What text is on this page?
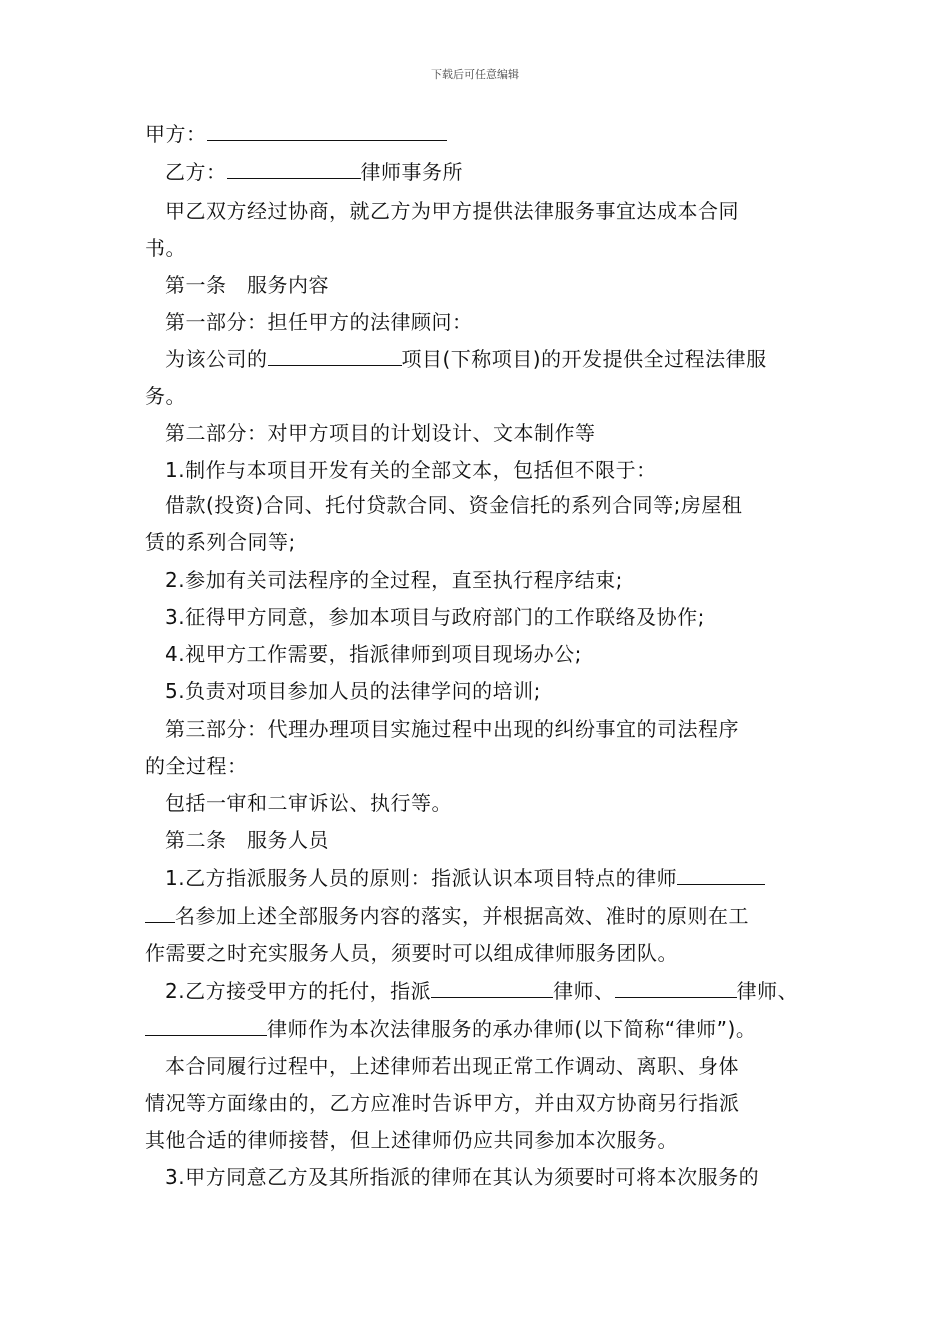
下载后可任意编辑
甲方：
乙方：	律师事务所
甲乙双方经过协商，就乙方为甲方提供法律服务事宜达成本合同
书。
第一条　服务内容
第一部分：担任甲方的法律顾问：
为该公司的	项目(下称项目)的开发提供全过程法律服
务。
第二部分：对甲方项目的计划设计、文本制作等
1.制作与本项目开发有关的全部文本，包括但不限于：
借款(投资)合同、托付贷款合同、资金信托的系列合同等;房屋租
赁的系列合同等;
2.参加有关司法程序的全过程，直至执行程序结束;
3.征得甲方同意，参加本项目与政府部门的工作联络及协作;
4.视甲方工作需要，指派律师到项目现场办公;
5.负责对项目参加人员的法律学问的培训;
第三部分：代理办理项目实施过程中出现的纠纷事宜的司法程序
的全过程：
包括一审和二审诉讼、执行等。
第二条　服务人员
1.乙方指派服务人员的原则：指派认识本项目特点的律师
名参加上述全部服务内容的落实，并根据高效、准时的原则在工
作需要之时充实服务人员，须要时可以组成律师服务团队。
2.乙方接受甲方的托付，指派	律师、	律师、
律师作为本次法律服务的承办律师(以下简称“律师”)。
本合同履行过程中，上述律师若出现正常工作调动、离职、身体
情况等方面缘由的，乙方应准时告诉甲方，并由双方协商另行指派
其他合适的律师接替，但上述律师仍应共同参加本次服务。
3.甲方同意乙方及其所指派的律师在其认为须要时可将本次服务的
